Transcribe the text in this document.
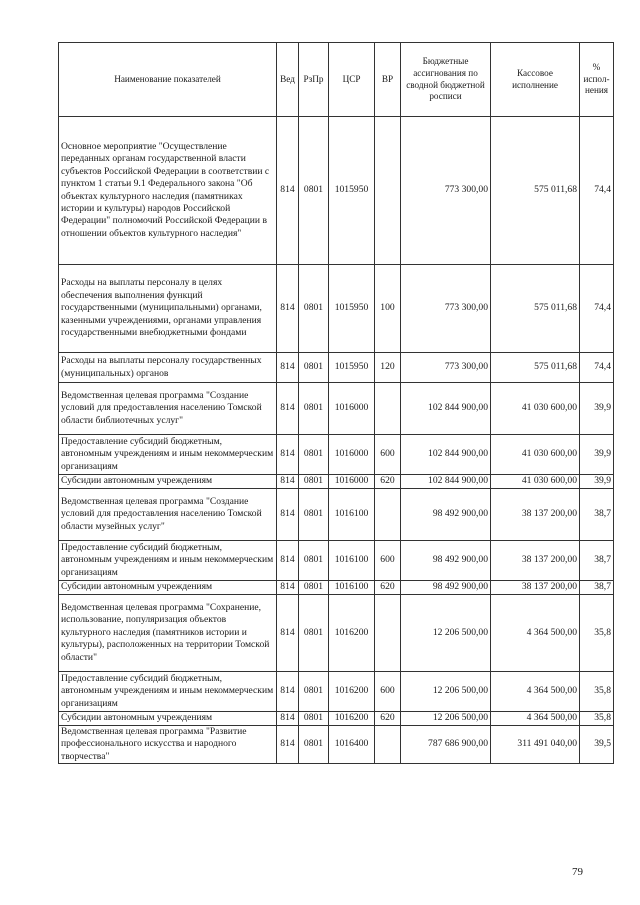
Наименование показателей	Вед	РзПр	ЦСР	ВР	Бюджетные ассигнования по сводной бюджетной росписи	Кассовое исполнение	% испол-нения
Основное мероприятие "Осуществление переданных органам государственной власти субъектов Российской Федерации в соответствии с пунктом 1 статьи 9.1 Федерального закона "Об объектах культурного наследия (памятниках истории и культуры) народов Российской Федерации" полномочий Российской Федерации в отношении объектов культурного наследия"	814	0801	1015950		773 300,00	575 011,68	74,4
Расходы на выплаты персоналу в целях обеспечения выполнения функций государственными (муниципальными) органами, казенными учреждениями, органами управления государственными внебюджетными фондами	814	0801	1015950	100	773 300,00	575 011,68	74,4
Расходы на выплаты персоналу государственных (муниципальных) органов	814	0801	1015950	120	773 300,00	575 011,68	74,4
Ведомственная целевая программа "Создание условий для предоставления населению Томской области библиотечных услуг"	814	0801	1016000		102 844 900,00	41 030 600,00	39,9
Предоставление субсидий бюджетным, автономным учреждениям и иным некоммерческим организациям	814	0801	1016000	600	102 844 900,00	41 030 600,00	39,9
Субсидии автономным учреждениям	814	0801	1016000	620	102 844 900,00	41 030 600,00	39,9
Ведомственная целевая программа "Создание условий для предоставления населению Томской области музейных услуг"	814	0801	1016100		98 492 900,00	38 137 200,00	38,7
Предоставление субсидий бюджетным, автономным учреждениям и иным некоммерческим организациям	814	0801	1016100	600	98 492 900,00	38 137 200,00	38,7
Субсидии автономным учреждениям	814	0801	1016100	620	98 492 900,00	38 137 200,00	38,7
Ведомственная целевая программа "Сохранение, использование, популяризация объектов культурного наследия (памятников истории и культуры), расположенных на территории Томской области"	814	0801	1016200		12 206 500,00	4 364 500,00	35,8
Предоставление субсидий бюджетным, автономным учреждениям и иным некоммерческим организациям	814	0801	1016200	600	12 206 500,00	4 364 500,00	35,8
Субсидии автономным учреждениям	814	0801	1016200	620	12 206 500,00	4 364 500,00	35,8
Ведомственная целевая программа "Развитие профессионального искусства и народного творчества"	814	0801	1016400		787 686 900,00	311 491 040,00	39,5
79
